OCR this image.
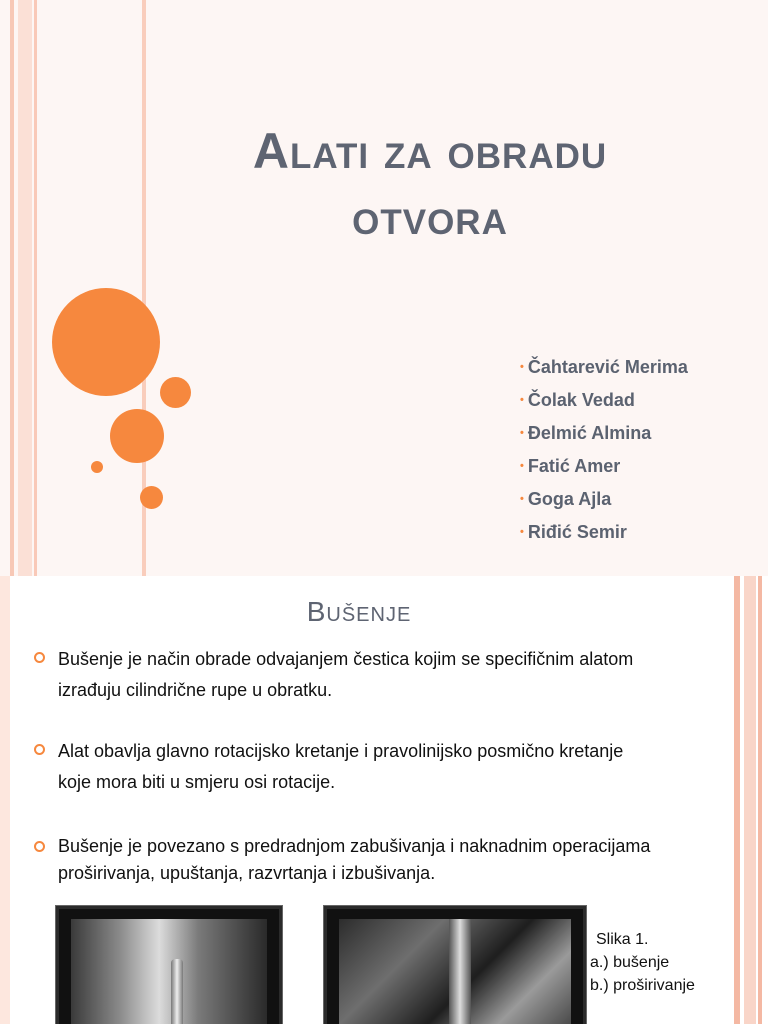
Alati za obradu
otvora
• Čahtarević Merima
• Čolak Vedad
• Đelmić Almina
• Fatić Amer
• Goga Ajla
• Riđić Semir
Bušenje
Bušenje je način obrade odvajanjem čestica kojim se specifičnim alatom izrađuju cilindrične rupe u obratku.
Alat obavlja glavno rotacijsko kretanje i pravolinijsko posmično kretanje koje mora biti u smjeru osi rotacije.
Bušenje je povezano s predradnjom zabušivanja i naknadnim operacijama proširivanja, upuštanja, razvrtanja i izbušivanja.
Slika 1.
a.) bušenje
b.) proširivanje
